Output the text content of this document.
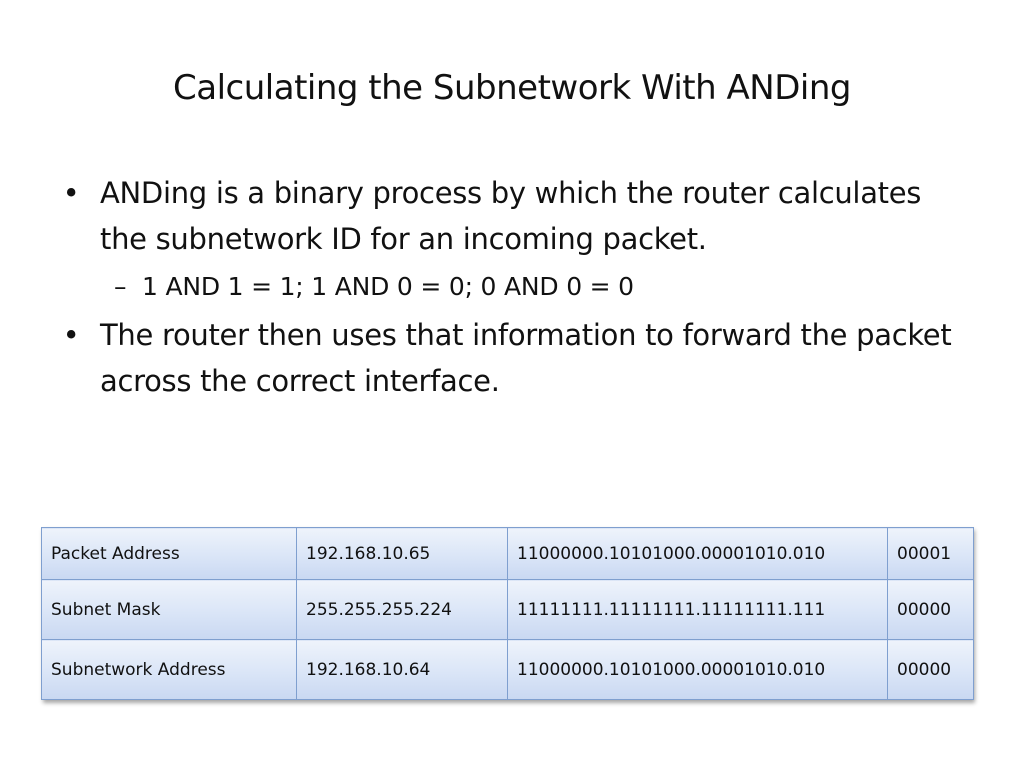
Calculating the Subnetwork With ANDing
• ANDing is a binary process by which the router calculates the subnetwork ID for an incoming packet.
– 1 AND 1 = 1; 1 AND 0 = 0; 0 AND 0 = 0
• The router then uses that information to forward the packet across the correct interface.
Packet Address	192.168.10.65	11000000.10101000.00001010.010	00001
Subnet Mask	255.255.255.224	11111111.11111111.11111111.111	00000
Subnetwork Address	192.168.10.64	11000000.10101000.00001010.010	00000
